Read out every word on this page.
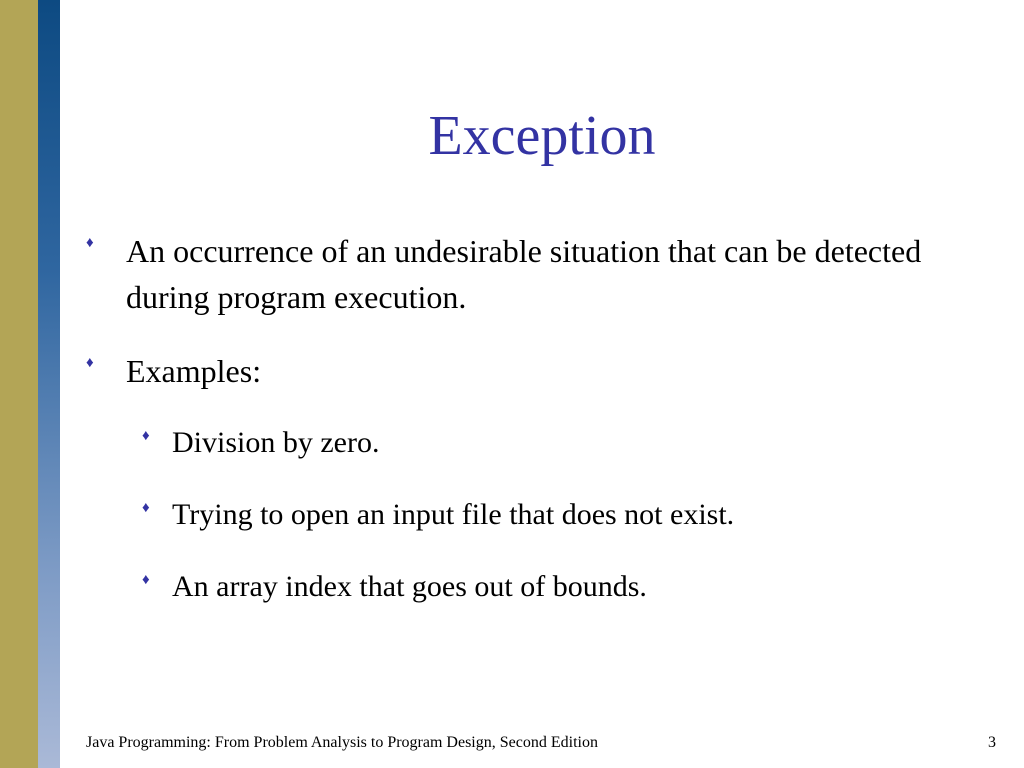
Exception
♦ An occurrence of an undesirable situation that can be detected during program execution.
♦ Examples:
♦ Division by zero.
♦ Trying to open an input file that does not exist.
♦ An array index that goes out of bounds.
Java Programming: From Problem Analysis to Program Design, Second Edition	3
